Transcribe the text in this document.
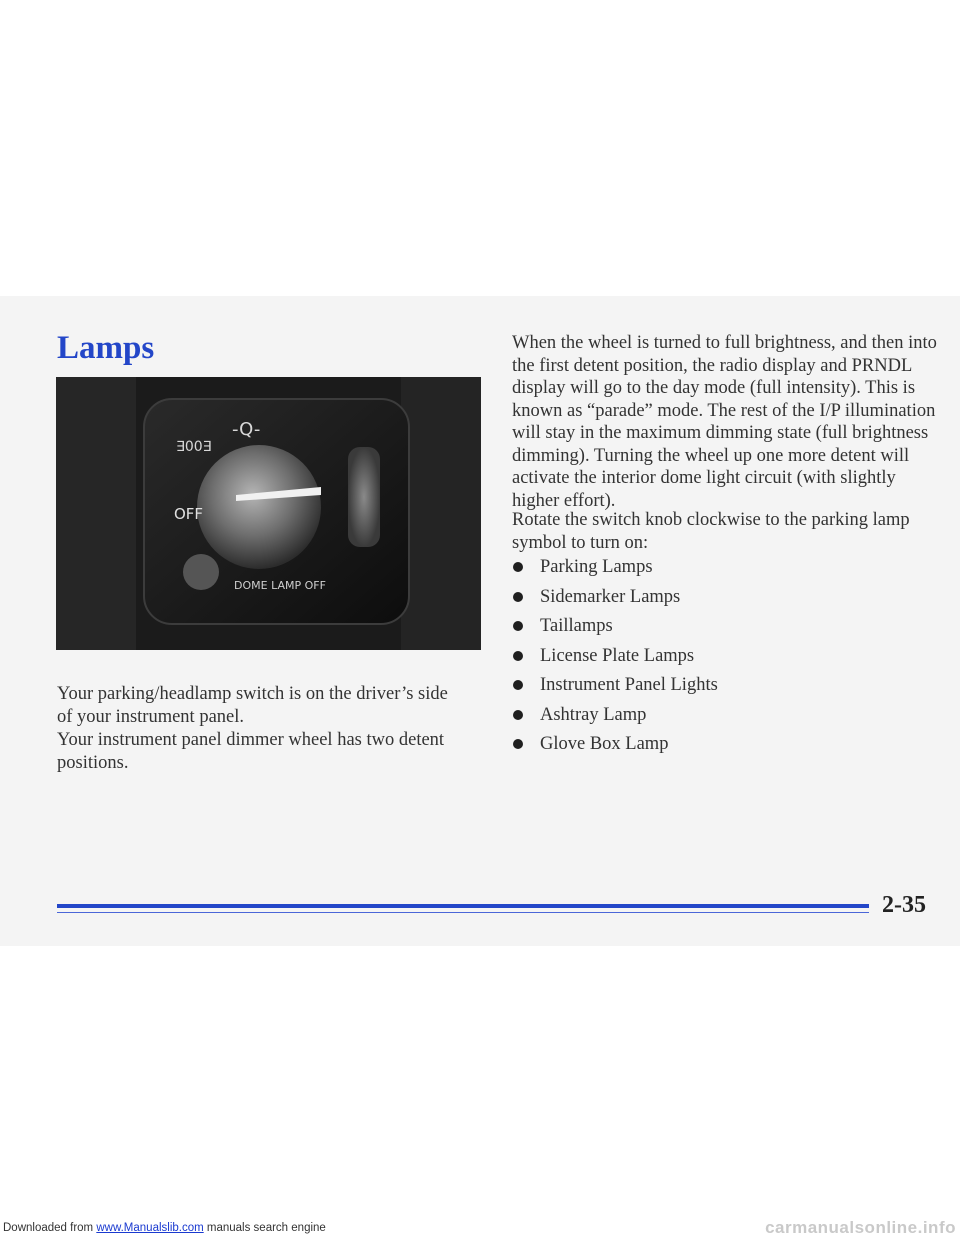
Lamps
∃00∃
-Q-
OFF
DOME LAMP OFF

Your parking/headlamp switch is on the driver’s side of your instrument panel.

Your instrument panel dimmer wheel has two detent positions.

When the wheel is turned to full brightness, and then into the first detent position, the radio display and PRNDL display will go to the day mode (full intensity). This is known as “parade” mode. The rest of the I/P illumination will stay in the maximum dimming state (full brightness dimming). Turning the wheel up one more detent will activate the interior dome light circuit (with slightly higher effort).

Rotate the switch knob clockwise to the parking lamp symbol to turn on:

Parking Lamps
Sidemarker Lamps
Taillamps
License Plate Lamps
Instrument Panel Lights
Ashtray Lamp
Glove Box Lamp
2-35
Downloaded from www.Manualslib.com manuals search engine	carmanualsonline.info
